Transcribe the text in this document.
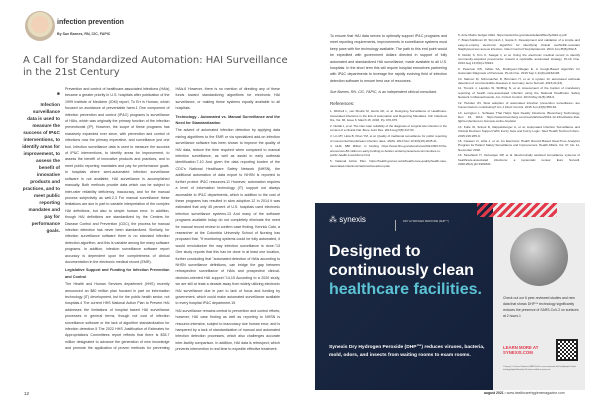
infection prevention
By Sue Barnes, RN, CIC, FAPIC
A Call for Standardized Automation: HAI Surveillance in the 21st Century
■
Infection surveillance data is used to measure the success of IP&C interventions, to identify areas for improvement, to assess the benefit of innovative products and practices, and to meet public reporting mandates and pay for performance goals.

Prevention and control of healthcare-associated infections (HAIs) became a greater priority in U.S. hospitals after publication of the 1999 Institute of Medicine (IOM) report, To Err is Human, which focused on avoidance of preventable harm.1 One component of infection prevention and control (IP&C) programs is surveillance of HAIs, which was originally the primary function of the infection preventionist (IP). However, the scope of these programs has massively expanded ever since, with prevention and control of infections now the primary imperative, and surveillance just one tool. Infection surveillance data is used to measure the success of IP&C interventions, to identify areas for improvement, to assess the benefit of innovative products and practices, and to meet public reporting mandates and pay for performance goals. In hospitals where semi-automated infection surveillance software is not available, HAI surveillance is accomplished manually. Both methods provide data which can be subject to inter-rater reliability deficiency, inaccuracy, and for the manual process subjectivity as well.2,3 For manual surveillance these limitations are due in part to variable interpretation of the complex HAI definitions, but also to simple human error. In addition, though HAI definitions are standardized by the Centers for Disease Control and Prevention (CDC), the process for manual infection detection has never been standardized. Similarly, for infection surveillance software there is no standard infection detection algorithm, and this is variable among the many software programs. In addition, infection surveillance software report accuracy is dependent upon the completeness of clinical documentation in the electronic medical record (EMR).

Legislative Support and Funding for Infection Prevention and Control

The Health and Human Services department (HHS) recently announced an $80 million plan focused in part on information technology (IT) development, but for the public health sector, not hospitals.4 The current HHS National Action Plan to Prevent HAI addresses the limitations of hospital based HAI surveillance processes in general terms, though not cost of infection surveillance software or the lack of algorithm standardization for infection detection.5 The 2022 HHS Justification of Estimates for Appropriations Committees report reflects that there is $35.7 million designated to advance the generation of new knowledge and promote the application of proven methods for preventing HAIs.6 However, there is no mention of directing any of these funds toward standardizing algorithms for electronic HAI surveillance, or making these systems equally available to all hospitals.

Technology - Automated vs. Manual Surveillance and the Need for Standardization

The advent of automated infection detection by applying data mining algorithms to the EMR or via specialized add-on infection surveillance software has been shown to improve the quality of HAI data, reduce the time required when compared to manual infection surveillance, as well as assist in early outbreak identification.7-10 And given the data reporting burden of the CDC's National Healthcare Safety Network (NHSN), the additional automation of data export to NHSN is reported to further protect IP&C resources.11 However, automation requires a level of information technology (IT) support not always accessible to IP&C departments, which in addition to the cost of these programs has resulted in slow adoption.12 In 2014 it was estimated that only 45 percent of U.S. hospitals used electronic infection surveillance systems.13 And many of the software programs available today do not completely eliminate the need for manual record review to confirm case finding. Kenrick Cato, a researcher at the Columbia University School of Nursing has proposed that, "If monitoring systems could be fully automated, it would revolutionize the way infection surveillance is done."13 One study reports that this has be done in at least one location, further concluding that "automated detection of HAIs according to NHSN surveillance definitions, can bridge the gap between retrospective surveillance of HAIs and prospective clinical-decision-oriented HAI support."14,15 According to a 2020 study, we are still at least a decade away from widely utilizing electronic HAI surveillance due in part to lack of focus and funding by government, which could make automated surveillance available to every hospital IP&C department.15

HAI surveillance remains central to prevention and control efforts; however, HAI case finding as well as reporting to NHSN is resource-intensive, subject to inaccuracy due human error, and is hampered by a lack of standardization of manual and automated infection detection processes, which also challenges accurate inter-facility comparison. In addition, HAI data is retrospect, which prevents intervention in real time to expedite effective treatment.

To ensure that HAI data serves to optimally support IP&C programs and meet reporting requirements, improvements in surveillance systems must keep pace with the technology available. The path to this end point would be expedited with government dollars directed in support of fully automated and standardized HAI surveillance, made available to all U.S. hospitals. In the short term this will require hospital executives partnering with IP&C departments to leverage the rapidly evolving field of infection detection software to ensure best use of resources.

Sue Barnes, RN, CIC, FAPIC, is an independent clinical consultant.

References:

1. Mitchell L, van Mourik M, Harris AD, et al. Designing Surveillance of Healthcare-Associated Infections in the Era of Automation and Reporting Mandates. Clin Infectious Dis, Vol. 66, Issue 6, March 15, 2018, Pp. 970-976.

2. Nuttall J, et al. The inter-rater reliability of the diagnosis of surgical site infection in the context of a clinical trial. Bone Joint Res. 2016 Aug;5(8):347-52.

3. Lin MY, Hota B, Khan YM, et al. Quality of traditional surveillance for public reporting of nosocomial bloodstream infection rates. JAMA. 2010 Nov 10;304(18):2035-41.

4. HHS. $80 Million in funding https://www.hhs.gov/about/news/2021/06/17/hhs-announces-80-million-in-early-funding-to-bolster-underrepresented-communities-in-public-health-it-workforce.html

5. National Action Plan. https://health.gov/our-work/health-care-quality/health-care-associated-infections/national-hai-action-plan

6. Ante Matrix budget 2022. https://www.hhs.gov/sites/default/files/fy2022-cj.pdf

7. Branch-Elliman W, Strymish J, Gupta K. Development and validation of a simple and easy-to-employ electronic algorithm for identifying clinical methicillin-resistant Staphylococcus aureus infection. Infect Control Hosp Epidemiol. 2014 Jun;35(6):692-8.

8. Dublin S, Kim K, Seagal J, et al. Using the electronic medical record to identify community-acquired pneumonia: toward a replicable automated strategy. PLoS One. 2013 Aug 13;8(8):e70944.

9. Peterson RS, Indian SA, Rodriguez-Villegas E. A Cough-Based Algorithm for Automatic Diagnosis of Pertussis. PLoS One. 2016 Sep 1;11(9):e0162128.

10. Salmon M, Schumacher D, Burmann H, et al. A system for automated outbreak detection of communicable diseases in Germany. Euro Surveill. 2016;21(13).

11. Tronick J, Lapidus W, Shiffling N, et al. Assessment of the burden of mandatory reporting of health care-associated infection using the National Healthcare Safety Network in Massachusetts. Am J Infect Control. 2013 May;41(5):466-9.

12. Hebden JN. Slow adoption of automated infection prevention surveillance: are human factors contributing? Am J Infect Control. 2015 Jun;43(6):559-62.

13. Lerington L. Software That Helps Spot Deadly Infections. Bloomberg Technology, Dec. 16, 2014. https://www.bloomberg.com/news/articles/2014-12-16/software-that-fights-infections-in-humans-at-the-hospital

14. Kolle W, Scinoli D, Rappelsberger A, et al. Automated Infection Surveillance and Clinical Decision Support With Fuzzy Sets and Fuzzy Logic. Stud Health Technol Inform. 2015;216:265-9.

15. Cleasen D, Little J, et al. An Electronic Health Record-Based Real-Time Analytics Program for Patient Safety Surveillance and Improvement. Health Affairs, Vol. 37, No. 11, November 2018.

16. Streefkerk H, Verkooijen RP, et al. Electronically assisted surveillance systems of healthcare-associated infections: a systematic review. Euro Surveill. 2020;25(2):pii=1900321.

⁂ synexis	DRY HYDROGEN PEROXIDE (DHP™)
Designed to continuously clean healthcare facilities.
Synexis Dry Hydrogen Peroxide (DHP™) reduces viruses, bacteria, mold, odors, and insects from waiting rooms to exam rooms.
Check out our 6 peer-reviewed studies and new data that shows DHP™ technology significantly reduces the presence of SARS-CoV-2 on surfaces at 2 hours.1
LEARN MORE AT SYNEXIS.COM
1. Huang, F.-J. & others. Reduction of SARS-CoV-2 in a room environment with Dry Hydrogen Peroxide technology. Applied Biosafety. Full citation available at synexis.com.
12	august 2021 • www.healthcarehygienemagazine.com
